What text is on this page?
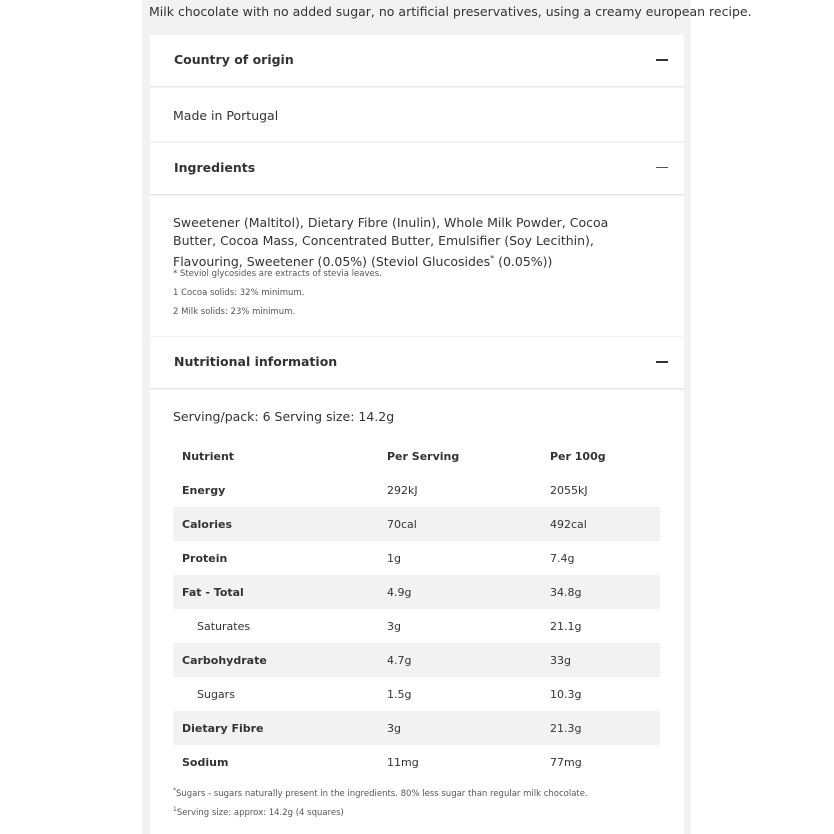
Milk chocolate with no added sugar, no artificial preservatives, using a creamy european recipe.
Country of origin
Made in Portugal
Ingredients
Sweetener (Maltitol), Dietary Fibre (Inulin), Whole Milk Powder, Cocoa Butter, Cocoa Mass, Concentrated Butter, Emulsifier (Soy Lecithin), Flavouring, Sweetener (0.05%) (Steviol Glucosides* (0.05%))
* Steviol glycosides are extracts of stevia leaves.
1 Cocoa solids: 32% minimum.
2 Milk solids: 23% minimum.
Nutritional information
Serving/pack: 6 Serving size: 14.2g
Nutrient	Per Serving	Per 100g
Energy	292kJ	2055kJ
Calories	70cal	492cal
Protein	1g	7.4g
Fat - Total	4.9g	34.8g
Saturates	3g	21.1g
Carbohydrate	4.7g	33g
Sugars	1.5g	10.3g
Dietary Fibre	3g	21.3g
Sodium	11mg	77mg
*Sugars - sugars naturally present in the ingredients. 80% less sugar than regular milk chocolate.
$^1$Serving size: approx: 14.2g (4 squares)
